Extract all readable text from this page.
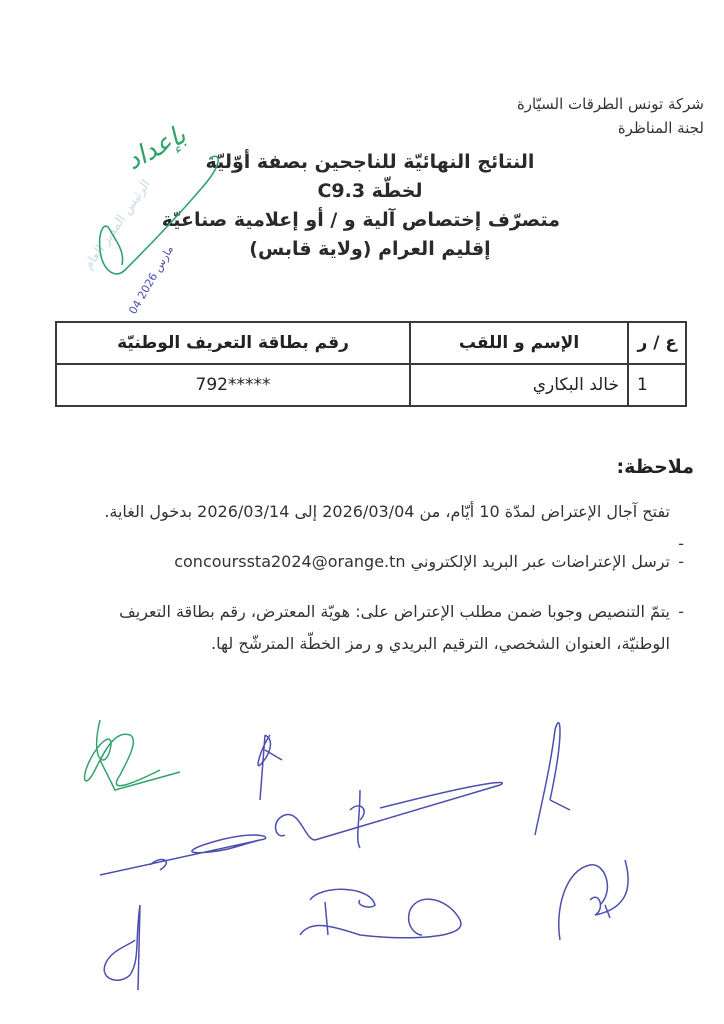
شركة تونس الطرقات السيّارة
لجنة المناظرة
النتائج النهائيّة للناجحين بصفة أوّليّة
لخطّة C9.3
متصرّف إختصاص آلية و / أو إعلامية صناعيّة
إقليم العرام (ولاية قابس)
الرئيس المدير العام
بإعداد
04 مارس 2026
ع / ر	الإسم و اللقب	رقم بطاقة التعريف الوطنيّة
1	خالد البكاري	*****792
ملاحظة:
-
تفتح آجال الإعتراض لمدّة 10 أيّام، من 2026/03/04 إلى 2026/03/14 بدخول الغاية.
-
ترسل الإعتراضات عبر البريد الإلكتروني concourssta2024@orange.tn
-
يتمّ التنصيص وجوبا ضمن مطلب الإعتراض على: هويّة المعترض، رقم بطاقة التعريف الوطنيّة، العنوان الشخصي، الترقيم البريدي و رمز الخطّة المترشّح لها.
